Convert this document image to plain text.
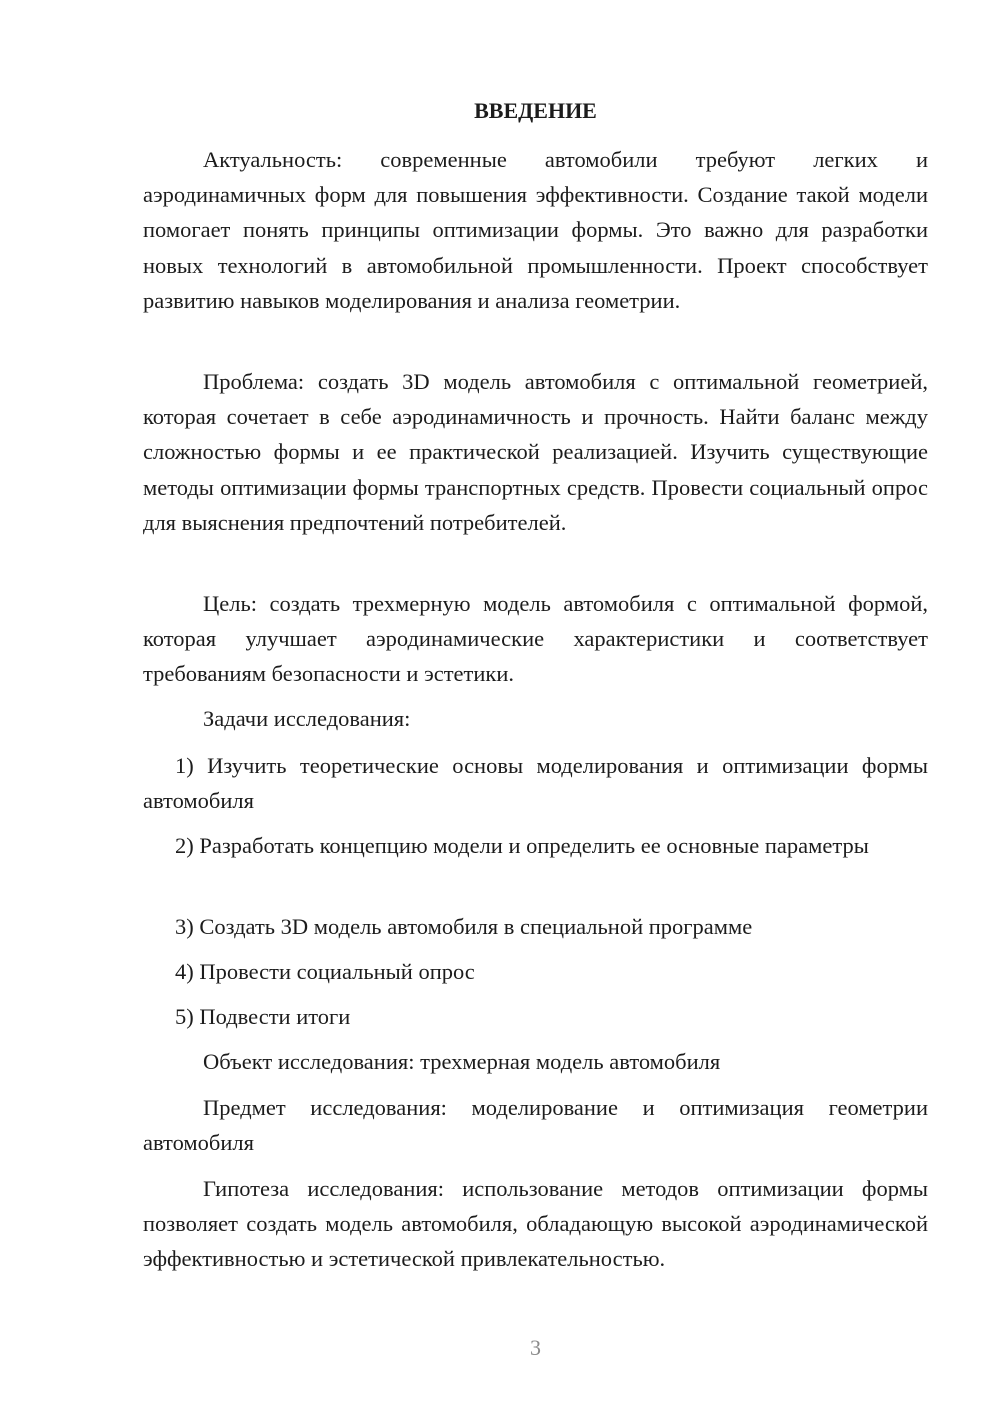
ВВЕДЕНИЕ

Актуальность: современные автомобили требуют легких и аэродинамичных форм для повышения эффективности. Создание такой модели помогает понять принципы оптимизации формы. Это важно для разработки новых технологий в автомобильной промышленности. Проект способствует развитию навыков моделирования и анализа геометрии.

Проблема: создать 3D модель автомобиля с оптимальной геометрией, которая сочетает в себе аэродинамичность и прочность. Найти баланс между сложностью формы и ее практической реализацией. Изучить существующие методы оптимизации формы транспортных средств. Провести социальный опрос для выяснения предпочтений потребителей.

Цель: создать трехмерную модель автомобиля с оптимальной формой, которая улучшает аэродинамические характеристики и соответствует требованиям безопасности и эстетики.

Задачи исследования:

1) Изучить теоретические основы моделирования и оптимизации формы автомобиля

2) Разработать концепцию модели и определить ее основные параметры

3) Создать 3D модель автомобиля в специальной программе

4) Провести социальный опрос

5) Подвести итоги

Объект исследования: трехмерная модель автомобиля

Предмет исследования: моделирование и оптимизация геометрии автомобиля

Гипотеза исследования: использование методов оптимизации формы позволяет создать модель автомобиля, обладающую высокой аэродинамической эффективностью и эстетической привлекательностью.

3
